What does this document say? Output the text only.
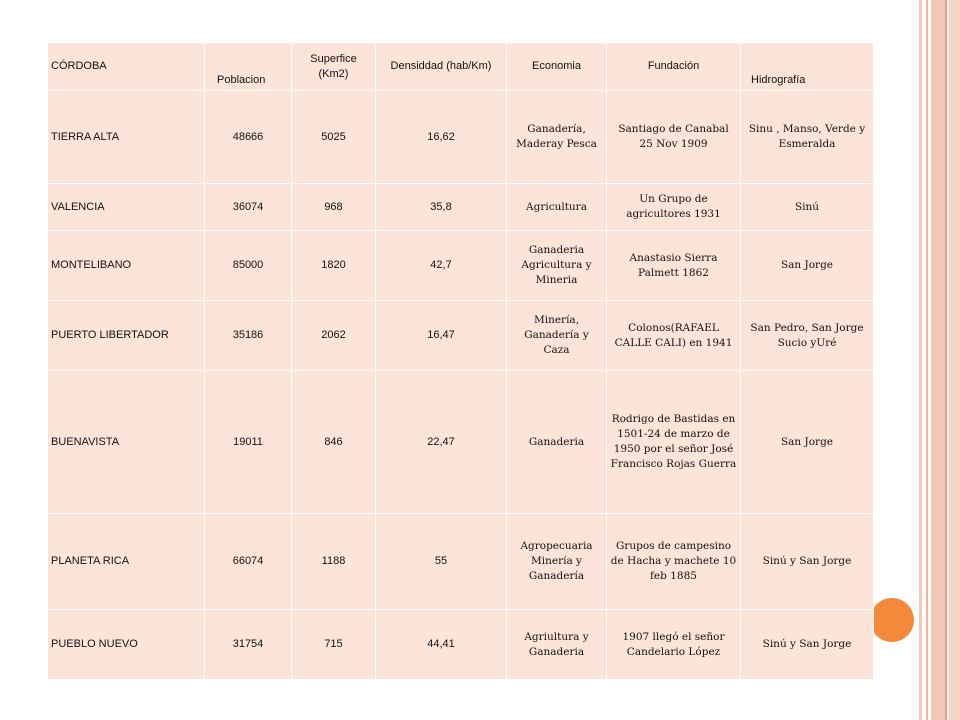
CÓRDOBA	Poblacion	Superfice (Km2)	Densiddad (hab/Km)	Economia	Fundación	Hidrografía
TIERRA ALTA	48666	5025	16,62	Ganadería, Maderay Pesca	Santiago de Canabal 25 Nov 1909	Sinu , Manso, Verde y Esmeralda
VALENCIA	36074	968	35,8	Agricultura	Un Grupo de agricultores 1931	Sinú
MONTELIBANO	85000	1820	42,7	Ganaderia Agricultura y Mineria	Anastasio Sierra Palmett 1862	San Jorge
PUERTO LIBERTADOR	35186	2062	16,47	Minería, Ganadería y Caza	Colonos(RAFAEL CALLE CALI) en 1941	San Pedro, San Jorge Sucio yUré
BUENAVISTA	19011	846	22,47	Ganaderia	Rodrigo de Bastidas en 1501-24 de marzo de 1950 por el señor José Francisco Rojas Guerra	San Jorge
PLANETA RICA	66074	1188	55	Agropecuaria Minería y Ganadería	Grupos de campesino de Hacha y machete 10 feb 1885	Sinú y San Jorge
PUEBLO NUEVO	31754	715	44,41	Agriultura y Ganaderia	1907 llegó el señor Candelario López	Sinú y San Jorge
